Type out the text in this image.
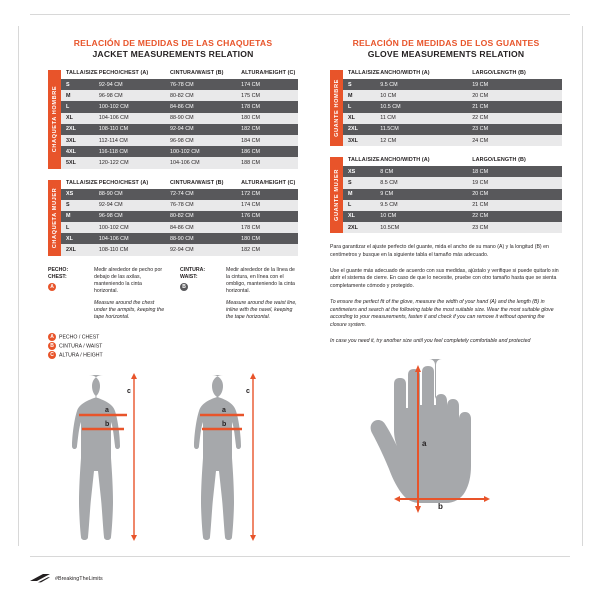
RELACIÓN DE MEDIDAS DE LAS CHAQUETAS
JACKET MEASUREMENTS RELATION
CHAQUETA HOMBRE
TALLA/SIZE	PECHO/CHEST (A)	CINTURA/WAIST (B)	ALTURA/HEIGHT (C)
S	92-94 CM	76-78 CM	174 CM
M	96-98 CM	80-82 CM	175 CM
L	100-102 CM	84-86 CM	178 CM
XL	104-106 CM	88-90 CM	180 CM
2XL	108-110 CM	92-94 CM	182 CM
3XL	112-114 CM	96-98 CM	184 CM
4XL	116-118 CM	100-102 CM	186 CM
5XL	120-122 CM	104-106 CM	188 CM
CHAQUETA MUJER
TALLA/SIZE	PECHO/CHEST (A)	CINTURA/WAIST (B)	ALTURA/HEIGHT (C)
XS	88-90 CM	72-74 CM	172 CM
S	92-94 CM	76-78 CM	174 CM
M	96-98 CM	80-82 CM	176 CM
L	100-102 CM	84-86 CM	178 CM
XL	104-106 CM	88-90 CM	180 CM
2XL	108-110 CM	92-94 CM	182 CM
PECHO:
CHEST:
A
Medir alrededor de pecho por debajo de las axilas, manteniendo la cinta horizontal.
Measure around the chest under the armpits, keeping the tape horizontal.
CINTURA:
WAIST:
B
Medir alrededor de la línea de la cintura, en línea con el ombligo, manteniendo la cinta horizontal.
Measure around the waist line, inline with the navel, keeping the tape horizontal.
A PECHO / CHEST
B CINTURA / WAIST
C ALTURA / HEIGHT
a
b
c
a
b
c
RELACIÓN DE MEDIDAS DE LOS GUANTES
GLOVE MEASUREMENTS RELATION
GUANTE HOMBRE
TALLA/SIZE	ANCHO/WIDTH (A)	LARGO/LENGTH (B)
S	9.5 CM	19 CM
M	10 CM	20 CM
L	10.5 CM	21 CM
XL	11 CM	22 CM
2XL	11.5CM	23 CM
3XL	12 CM	24 CM
GUANTE MUJER
TALLA/SIZE	ANCHO/WIDTH (A)	LARGO/LENGTH (B)
XS	8 CM	18 CM
S	8.5 CM	19 CM
M	9 CM	20 CM
L	9.5 CM	21 CM
XL	10 CM	22 CM
2XL	10.5CM	23 CM
Para garantizar el ajuste perfecto del guante, mida el ancho de su mano (A) y la longitud (B) en centímetros y busque en la siguiente tabla el tamaño más adecuado.
Use el guante más adecuado de acuerdo con sus medidas, ajústalo y verifique si puede quitarlo sin abrir el sistema de cierre. En caso de que lo necesite, pruebe con otro tamaño hasta que se sienta completamente cómodo y protegido.
To ensure the perfect fit of the glove, measure the width of your hand (A) and the length (B) in centimeters and search at the following table the most suitable size. Wear the most suitable glove according to your measurements, fasten it and check if you can remove it without opening the closure system.
In case you need it, try another size until you feel completely comfortable and protected
a
b
#BreakingTheLimits
